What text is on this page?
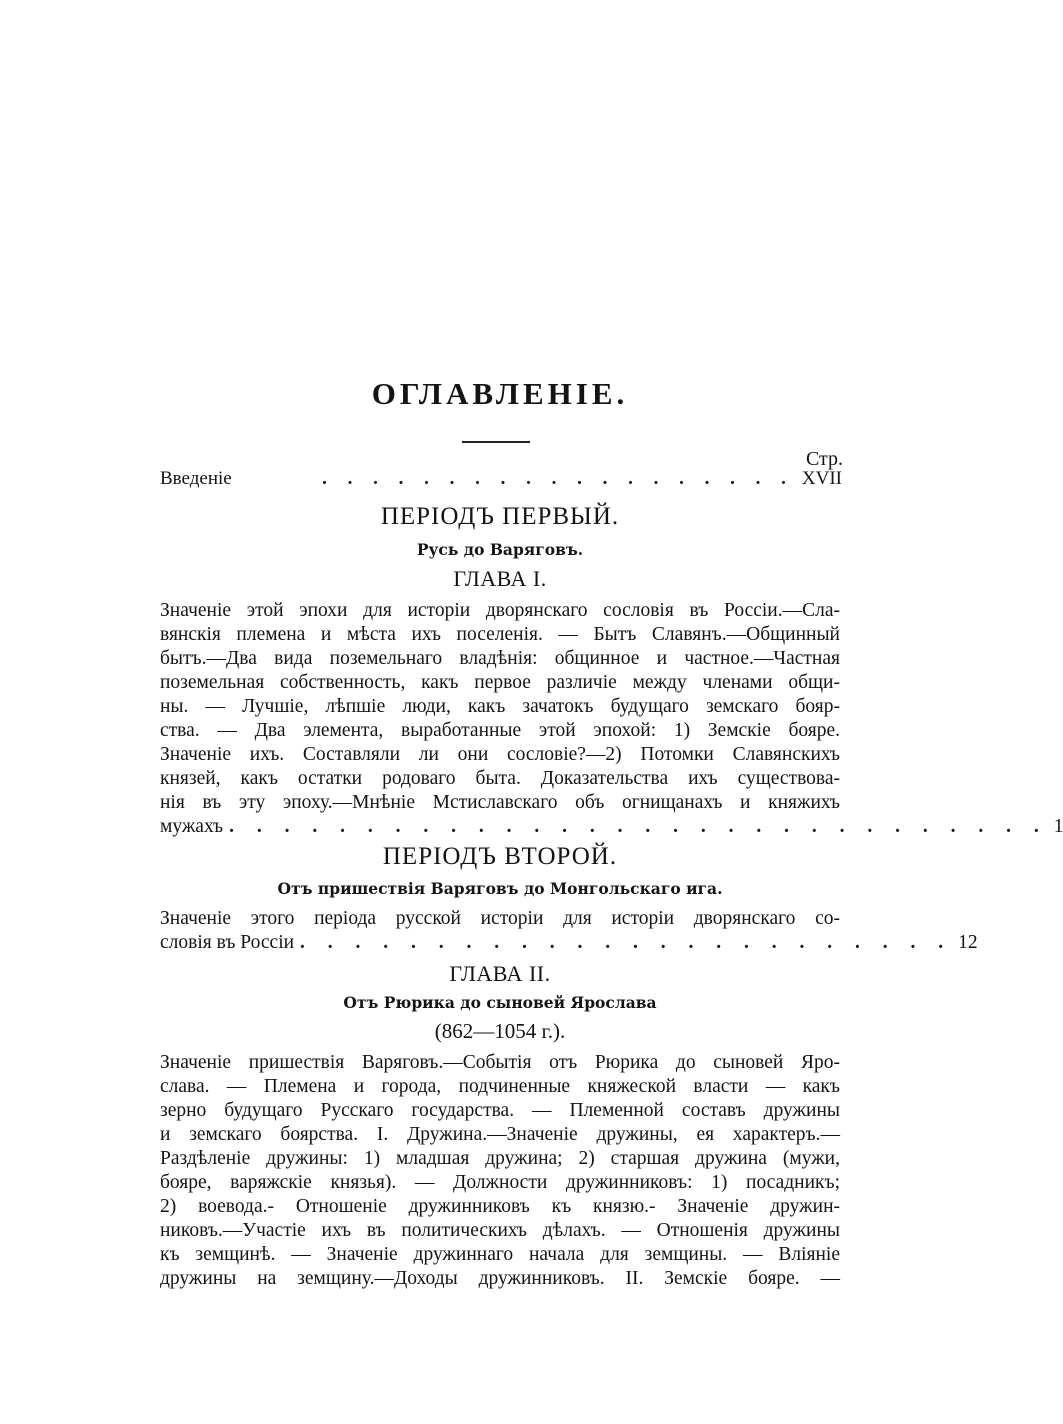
ОГЛАВЛЕНІЕ.
Стр.
Введеніе	. . . . . . . . . . . . . . . . . . . XVII
ПЕРІОДЪ ПЕРВЫЙ.
Русь до Варяговъ.
ГЛАВА I.
Значеніе этой эпохи для исторіи дворянскаго сословія въ Россіи.—Сла-
вянскія племена и мѣста ихъ поселенія. — Бытъ Славянъ.—Общинный
бытъ.—Два вида поземельнаго владѣнія: общинное и частное.—Частная
поземельная собственность, какъ первое различіе между членами общи-
ны. — Лучшіе, лѣпшіе люди, какъ зачатокъ будущаго земскаго бояр-
ства. — Два элемента, выработанные этой эпохой: 1) Земскіе бояре.
Значеніе ихъ. Составляли ли они сословіе?—2) Потомки Славянскихъ
князей, какъ остатки родоваго быта. Доказательства ихъ существова-
нія въ эту эпоху.—Мнѣніе Мстиславскаго объ огнищанахъ и княжихъ
мужахъ . . . . . . . . . . . . . . . . . . . . . . . . . . . . . . 1
ПЕРІОДЪ ВТОРОЙ.
Отъ пришествія Варяговъ до Монгольскаго ига.
Значеніе этого періода русской исторіи для исторіи дворянскаго со-
словія въ Россіи . . . . . . . . . . . . . . . . . . . . . . . . 12
ГЛАВА II.
Отъ Рюрика до сыновей Ярослава
(862—1054 г.).
Значеніе пришествія Варяговъ.—Событія отъ Рюрика до сыновей Яро-
слава. — Племена и города, подчиненные княжеской власти — какъ
зерно будущаго Русскаго государства. — Племенной составъ дружины
и земскаго боярства. I. Дружина.—Значеніе дружины, ея характеръ.—
Раздѣленіе дружины: 1) младшая дружина; 2) старшая дружина (мужи,
бояре, варяжскіе князья). — Должности дружинниковъ: 1) посадникъ;
2) воевода.- Отношеніе дружинниковъ къ князю.- Значеніе дружин-
никовъ.—Участіе ихъ въ политическихъ дѣлахъ. — Отношенія дружины
къ земщинѣ. — Значеніе дружиннаго начала для земщины. — Вліяніе
дружины на земщину.—Доходы дружинниковъ. II. Земскіе бояре. —
